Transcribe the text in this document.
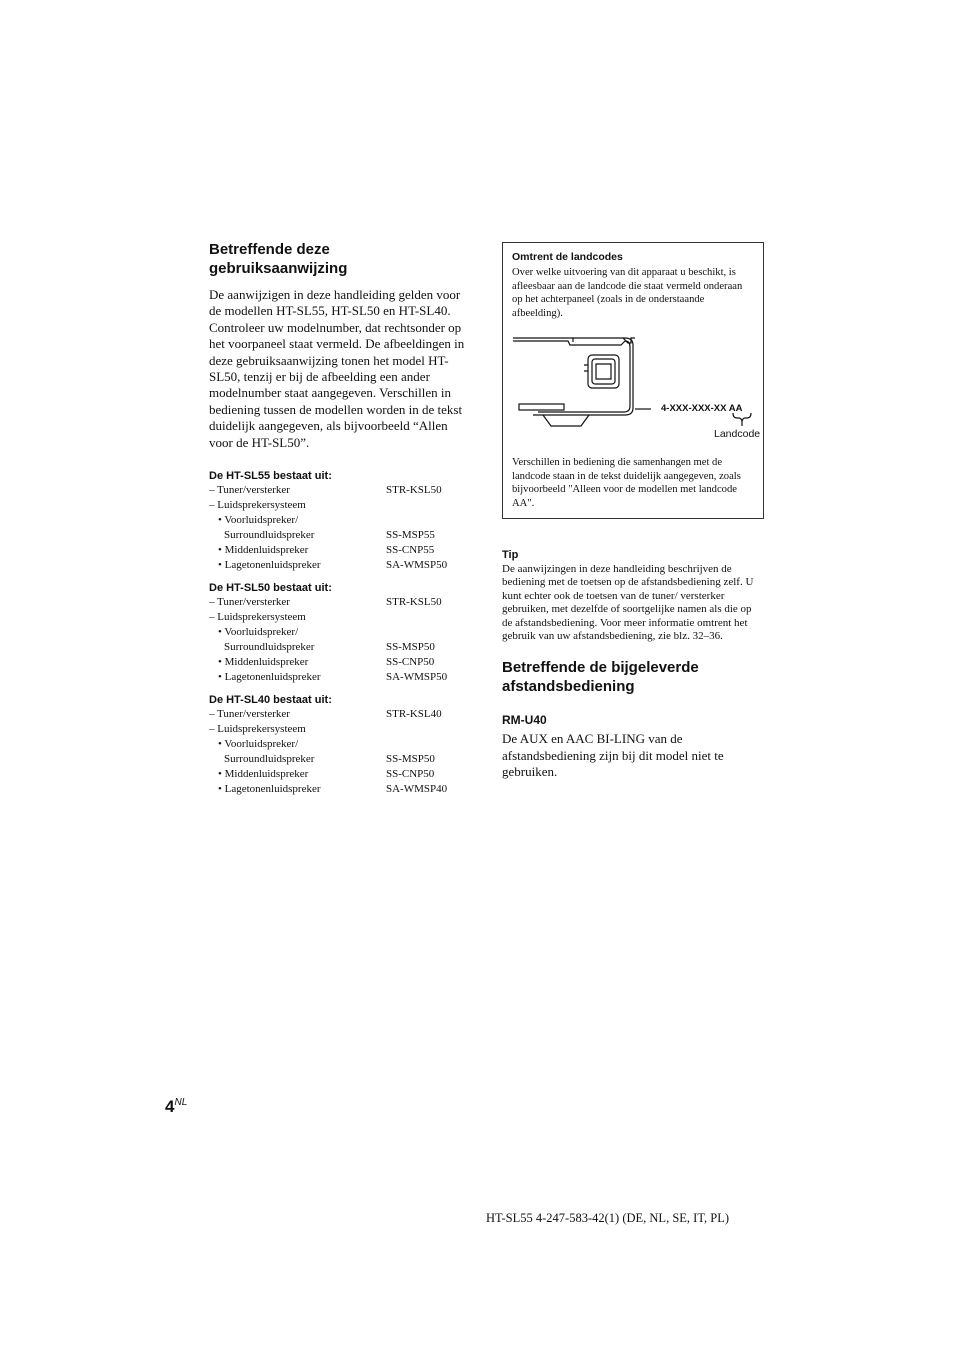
Betreffende deze gebruiksaanwijzing

De aanwijzigen in deze handleiding gelden voor de modellen HT-SL55, HT-SL50 en HT-SL40. Controleer uw modelnumber, dat rechtsonder op het voorpaneel staat vermeld. De afbeeldingen in deze gebruiksaanwijzing tonen het model HT-SL50, tenzij er bij de afbeelding een ander modelnumber staat aangegeven. Verschillen in bediening tussen de modellen worden in de tekst duidelijk aangegeven, als bijvoorbeeld “Allen voor de HT-SL50”.

De HT-SL55 bestaat uit:

– Tuner/versterker	STR-KSL50
– Luidsprekersysteem
• Voorluidspreker/
Surroundluidspreker	SS-MSP55
• Middenluidspreker	SS-CNP55
• Lagetonenluidspreker	SA-WMSP50

De HT-SL50 bestaat uit:

– Tuner/versterker	STR-KSL50
– Luidsprekersysteem
• Voorluidspreker/
Surroundluidspreker	SS-MSP50
• Middenluidspreker	SS-CNP50
• Lagetonenluidspreker	SA-WMSP50

De HT-SL40 bestaat uit:

– Tuner/versterker	STR-KSL40
– Luidsprekersysteem
• Voorluidspreker/
Surroundluidspreker	SS-MSP50
• Middenluidspreker	SS-CNP50
• Lagetonenluidspreker	SA-WMSP40

Omtrent de landcodes

Over welke uitvoering van dit apparaat u beschikt, is afleesbaar aan de landcode die staat vermeld onderaan op het achterpaneel (zoals in de onderstaande afbeelding).

4-XXX-XXX-XX AA
Landcode

Verschillen in bediening die samenhangen met de landcode staan in de tekst duidelijk aangegeven, zoals bijvoorbeeld "Alleen voor de modellen met landcode AA".

Tip

De aanwijzingen in deze handleiding beschrijven de bediening met de toetsen op de afstandsbediening zelf. U kunt echter ook de toetsen van de tuner/ versterker gebruiken, met dezelfde of soortgelijke namen als die op de afstandsbediening. Voor meer informatie omtrent het gebruik van uw afstandsbediening, zie blz. 32–36.

Betreffende de bijgeleverde afstandsbediening

RM-U40

De AUX en AAC BI-LING van de afstandsbediening zijn bij dit model niet te gebruiken.

$4^{NL}$
HT-SL55 4-247-583-42(1) (DE, NL, SE, IT, PL)
